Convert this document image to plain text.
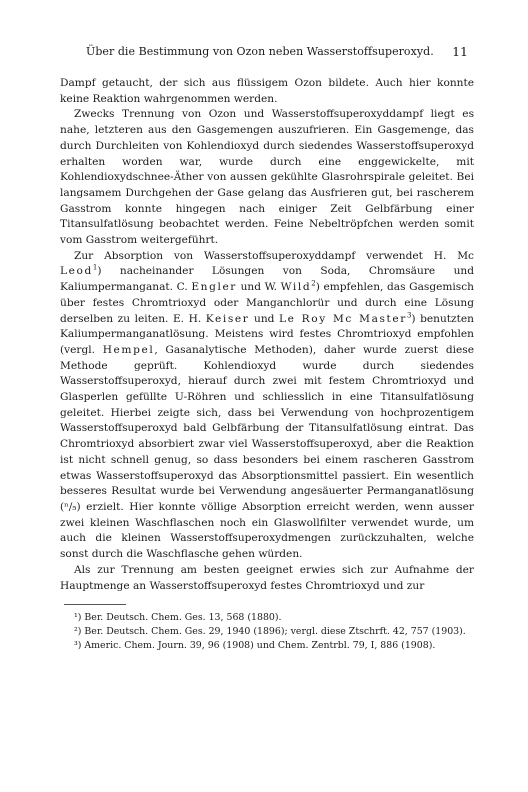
Über die Bestimmung von Ozon neben Wasserstoffsuperoxyd. 11

Dampf getaucht, der sich aus flüssigem Ozon bildete. Auch hier konnte keine Reaktion wahrgenommen werden.

Zwecks Trennung von Ozon und Wasserstoffsuperoxyddampf liegt es nahe, letzteren aus den Gasgemengen auszufrieren. Ein Gasgemenge, das durch Durchleiten von Kohlendioxyd durch siedendes Wasserstoffsuperoxyd erhalten worden war, wurde durch eine enggewickelte, mit Kohlendioxydschnee-Äther von aussen gekühlte Glasrohrspirale geleitet. Bei langsamem Durchgehen der Gase gelang das Ausfrieren gut, bei rascherem Gasstrom konnte hingegen nach einiger Zeit Gelbfärbung einer Titansulfatlösung beobachtet werden. Feine Nebeltröpfchen werden somit vom Gasstrom weitergeführt.

Zur Absorption von Wasserstoffsuperoxyddampf verwendet H. Mc Leod$^1$) nacheinander Lösungen von Soda, Chromsäure und Kaliumpermanganat. C. Engler und W. Wild$^2$) empfehlen, das Gasgemisch über festes Chromtrioxyd oder Manganchlorür und durch eine Lösung derselben zu leiten. E. H. Keiser und Le Roy Mc Master$^3$) benutzten Kaliumpermanganatlösung. Meistens wird festes Chromtrioxyd empfohlen (vergl. Hempel, Gasanalytische Methoden), daher wurde zuerst diese Methode geprüft. Kohlendioxyd wurde durch siedendes Wasserstoffsuperoxyd, hierauf durch zwei mit festem Chromtrioxyd und Glasperlen gefüllte U-Röhren und schliesslich in eine Titansulfatlösung geleitet. Hierbei zeigte sich, dass bei Verwendung von hochprozentigem Wasserstoffsuperoxyd bald Gelbfärbung der Titansulfatlösung eintrat. Das Chromtrioxyd absorbiert zwar viel Wasserstoffsuperoxyd, aber die Reaktion ist nicht schnell genug, so dass besonders bei einem rascheren Gasstrom etwas Wasserstoffsuperoxyd das Absorptionsmittel passiert. Ein wesentlich besseres Resultat wurde bei Verwendung angesäuerter Permanganatlösung (ⁿ/₅) erzielt. Hier konnte völlige Absorption erreicht werden, wenn ausser zwei kleinen Waschflaschen noch ein Glaswollfilter verwendet wurde, um auch die kleinen Wasserstoffsuperoxydmengen zurückzuhalten, welche sonst durch die Waschflasche gehen würden.

Als zur Trennung am besten geeignet erwies sich zur Aufnahme der Hauptmenge an Wasserstoffsuperoxyd festes Chromtrioxyd und zur

¹) Ber. Deutsch. Chem. Ges. 13, 568 (1880).

²) Ber. Deutsch. Chem. Ges. 29, 1940 (1896); vergl. diese Ztschrft. 42, 757 (1903).

³) Americ. Chem. Journ. 39, 96 (1908) und Chem. Zentrbl. 79, I, 886 (1908).
